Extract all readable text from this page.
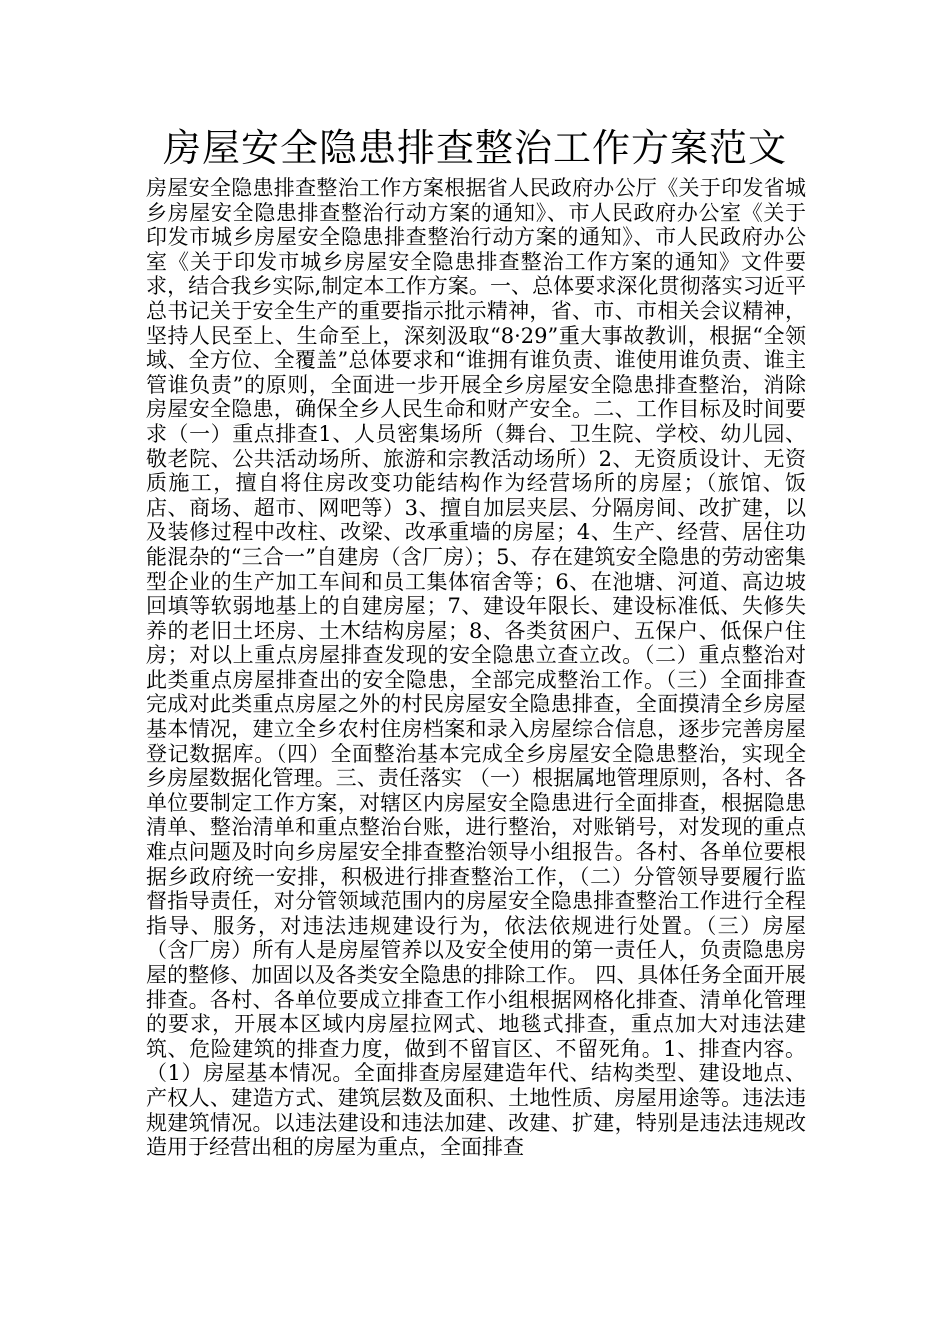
房屋安全隐患排查整治工作方案范文

房屋安全隐患排查整治工作方案根据省人民政府办公厅《关于印发省城乡房屋安全隐患排查整治行动方案的通知》、市人民政府办公室《关于印发市城乡房屋安全隐患排查整治行动方案的通知》、市人民政府办公室《关于印发市城乡房屋安全隐患排查整治工作方案的通知》文件要求，结合我乡实际,制定本工作方案。一、总体要求深化贯彻落实习近平总书记关于安全生产的重要指示批示精神，省、市、市相关会议精神，坚持人民至上、生命至上，深刻汲取“8·29”重大事故教训，根据“全领域、全方位、全覆盖”总体要求和“谁拥有谁负责、谁使用谁负责、谁主管谁负责”的原则，全面进一步开展全乡房屋安全隐患排查整治，消除房屋安全隐患，确保全乡人民生命和财产安全。二、工作目标及时间要求（一）重点排查1、人员密集场所（舞台、卫生院、学校、幼儿园、敬老院、公共活动场所、旅游和宗教活动场所）2、无资质设计、无资质施工，擅自将住房改变功能结构作为经营场所的房屋；（旅馆、饭店、商场、超市、网吧等）3、擅自加层夹层、分隔房间、改扩建，以及装修过程中改柱、改梁、改承重墙的房屋；4、生产、经营、居住功能混杂的“三合一”自建房（含厂房）；5、存在建筑安全隐患的劳动密集型企业的生产加工车间和员工集体宿舍等；6、在池塘、河道、高边坡回填等软弱地基上的自建房屋；7、建设年限长、建设标准低、失修失养的老旧土坯房、土木结构房屋；8、各类贫困户、五保户、低保户住房；对以上重点房屋排查发现的安全隐患立查立改。（二）重点整治对此类重点房屋排查出的安全隐患，全部完成整治工作。（三）全面排查完成对此类重点房屋之外的村民房屋安全隐患排查，全面摸清全乡房屋基本情况，建立全乡农村住房档案和录入房屋综合信息，逐步完善房屋登记数据库。（四）全面整治基本完成全乡房屋安全隐患整治，实现全乡房屋数据化管理。三、责任落实 （一）根据属地管理原则，各村、各单位要制定工作方案，对辖区内房屋安全隐患进行全面排查，根据隐患清单、整治清单和重点整治台账，进行整治，对账销号，对发现的重点难点问题及时向乡房屋安全排查整治领导小组报告。各村、各单位要根据乡政府统一安排，积极进行排查整治工作，（二）分管领导要履行监督指导责任，对分管领域范围内的房屋安全隐患排查整治工作进行全程指导、服务，对违法违规建设行为，依法依规进行处置。（三）房屋（含厂房）所有人是房屋管养以及安全使用的第一责任人，负责隐患房屋的整修、加固以及各类安全隐患的排除工作。 四、具体任务全面开展排查。各村、各单位要成立排查工作小组根据网格化排查、清单化管理的要求，开展本区域内房屋拉网式、地毯式排查，重点加大对违法建筑、危险建筑的排查力度，做到不留盲区、不留死角。1、排查内容。（1）房屋基本情况。全面排查房屋建造年代、结构类型、建设地点、产权人、建造方式、建筑层数及面积、土地性质、房屋用途等。违法违规建筑情况。以违法建设和违法加建、改建、扩建，特别是违法违规改造用于经营出租的房屋为重点，全面排查
